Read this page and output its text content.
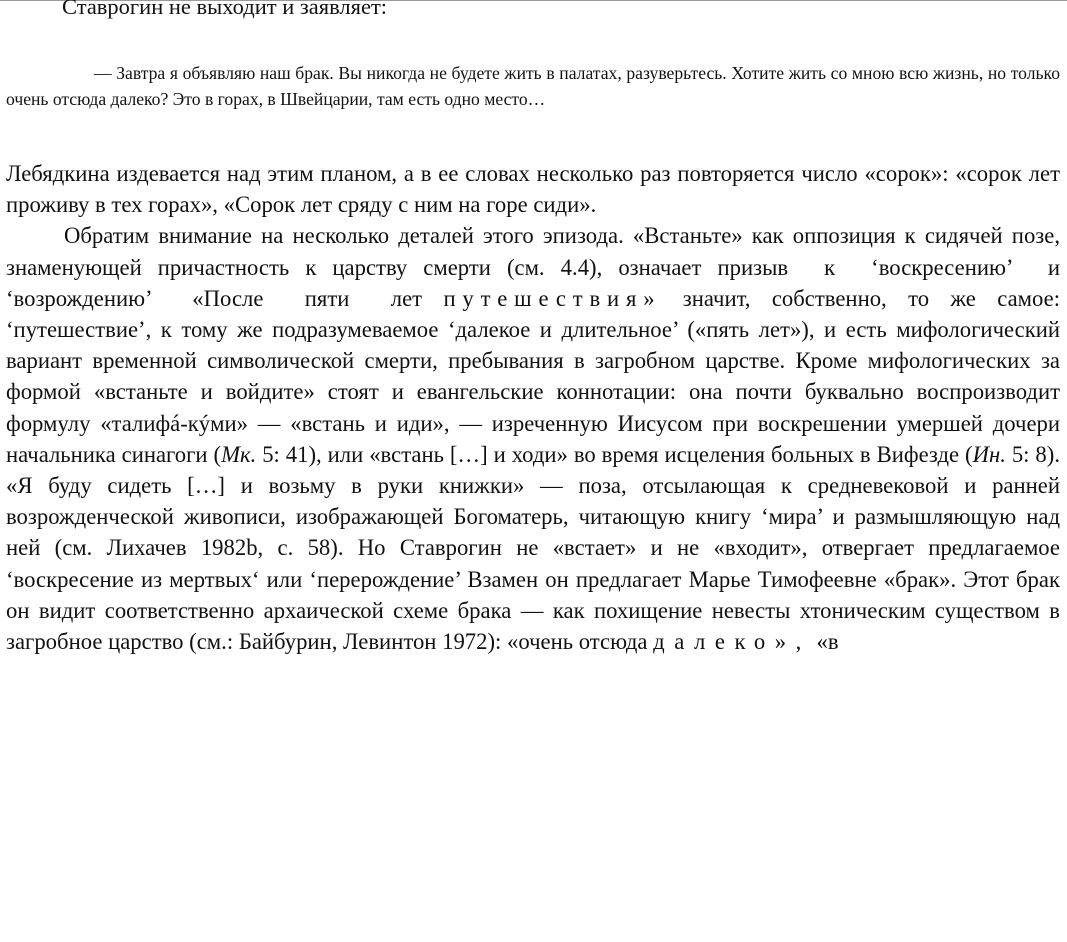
Ставрогин не выходит и заявляет:

— Завтра я объявляю наш брак. Вы никогда не будете жить в палатах, разуверьтесь. Хотите жить со мною всю жизнь, но только очень отсюда далеко? Это в горах, в Швейцарии, там есть одно место…

Лебядкина издевается над этим планом, а в ее словах несколько раз повторяется число «сорок»: «сорок лет проживу в тех горах», «Сорок лет сряду с ним на горе сиди».

Обратим внимание на несколько деталей этого эпизода. «Встаньте» как оппозиция к сидячей позе, знаменующей причастность к царству смерти (см. 4.4), означает призыв к ‘воскресению’ и ‘возрождению’ «После пяти лет путешествия» значит, собственно, то же самое: ‘путешествие’, к тому же подразумеваемое ‘далекое и длительное’ («пять лет»), и есть мифологический вариант временной символической смерти, пребывания в загробном царстве. Кроме мифологических за формой «встаньте и войдите» стоят и евангельские коннотации: она почти буквально воспроизводит формулу «талифá-кýми» — «встань и иди», — изреченную Иисусом при воскрешении умершей дочери начальника синагоги (Мк. 5: 41), или «встань […] и ходи» во время исцеления больных в Вифезде (Ин. 5: 8). «Я буду сидеть […] и возьму в руки книжки» — поза, отсылающая к средневековой и ранней возрожденческой живописи, изображающей Богоматерь, читающую книгу ‘мира’ и размышляющую над ней (см. Лихачев 1982b, с. 58). Но Ставрогин не «встает» и не «входит», отвергает предлагаемое ‘воскресение из мертвых‘ или ‘перерождение’ Взамен он предлагает Марье Тимофеевне «брак». Этот брак он видит соответственно архаической схеме брака — как похищение невесты хтоническим существом в загробное царство (см.: Байбурин, Левинтон 1972): «очень отсюда далеко», «в
